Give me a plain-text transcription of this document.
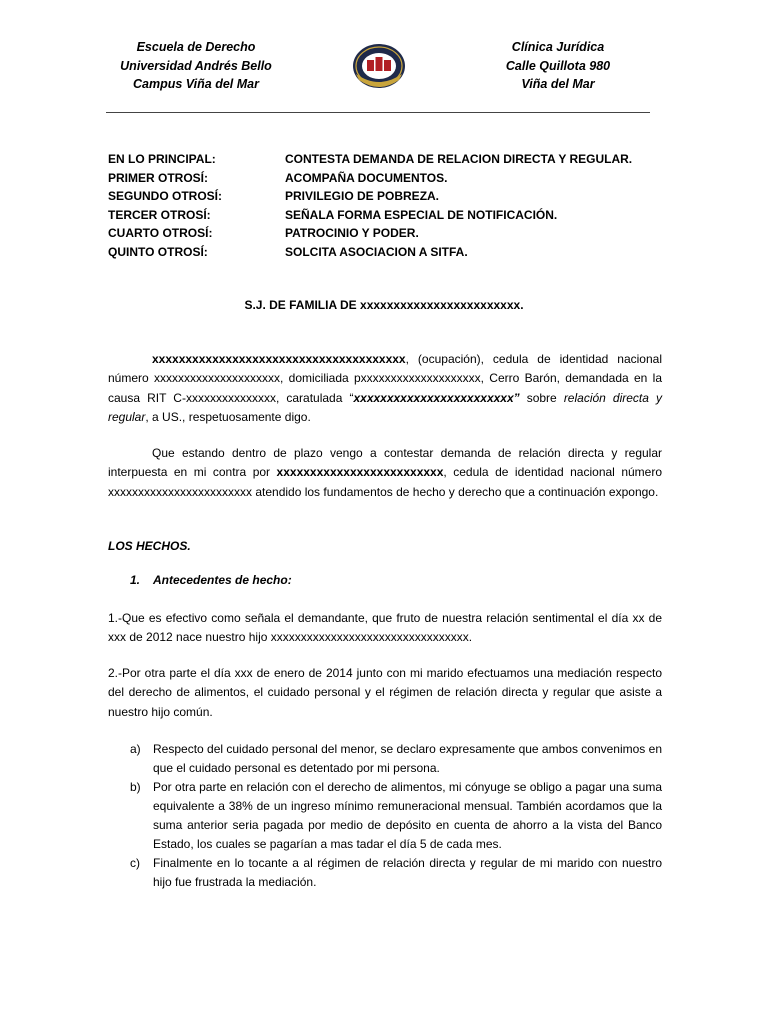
Escuela de Derecho
Universidad Andrés Bello
Campus Viña del Mar
Clínica Jurídica
Calle Quillota 980
Viña del Mar
EN LO PRINCIPAL:	CONTESTA DEMANDA DE RELACION DIRECTA Y REGULAR.
PRIMER OTROSÍ:	ACOMPAÑA DOCUMENTOS.
SEGUNDO OTROSÍ:	PRIVILEGIO DE POBREZA.
TERCER OTROSÍ:	SEÑALA FORMA ESPECIAL DE NOTIFICACIÓN.
CUARTO OTROSÍ:	PATROCINIO Y PODER.
QUINTO OTROSÍ:	SOLCITA ASOCIACION A SITFA.
S.J. DE FAMILIA DE xxxxxxxxxxxxxxxxxxxxxxxx.
xxxxxxxxxxxxxxxxxxxxxxxxxxxxxxxxxxxxxx, (ocupación), cedula de identidad nacional número xxxxxxxxxxxxxxxxxxxxx, domiciliada pxxxxxxxxxxxxxxxxxxxx, Cerro Barón, demandada en la causa RIT C-xxxxxxxxxxxxxxx, caratulada “xxxxxxxxxxxxxxxxxxxxxxxx” sobre relación directa y regular, a US., respetuosamente digo.
Que estando dentro de plazo vengo a contestar demanda de relación directa y regular interpuesta en mi contra por xxxxxxxxxxxxxxxxxxxxxxxxx, cedula de identidad nacional número xxxxxxxxxxxxxxxxxxxxxxxx atendido los fundamentos de hecho y derecho que a continuación expongo.
LOS HECHOS.
1. Antecedentes de hecho:
1.-Que es efectivo como señala el demandante, que fruto de nuestra relación sentimental el día xx de xxx de 2012 nace nuestro hijo xxxxxxxxxxxxxxxxxxxxxxxxxxxxxxxxx.
2.-Por otra parte el día xxx de enero de 2014 junto con mi marido efectuamos una mediación respecto del derecho de alimentos, el cuidado personal y el régimen de relación directa y regular que asiste a nuestro hijo común.
a)	Respecto del cuidado personal del menor, se declaro expresamente que ambos convenimos en que el cuidado personal es detentado por mi persona.
b)	Por otra parte en relación con el derecho de alimentos, mi cónyuge se obligo a pagar una suma equivalente a 38% de un ingreso mínimo remuneracional mensual. También acordamos que la suma anterior seria pagada por medio de depósito en cuenta de ahorro a la vista del Banco Estado, los cuales se pagarían a mas tadar el día 5 de cada mes.
c)	Finalmente en lo tocante a al régimen de relación directa y regular de mi marido con nuestro hijo fue frustrada la mediación.
